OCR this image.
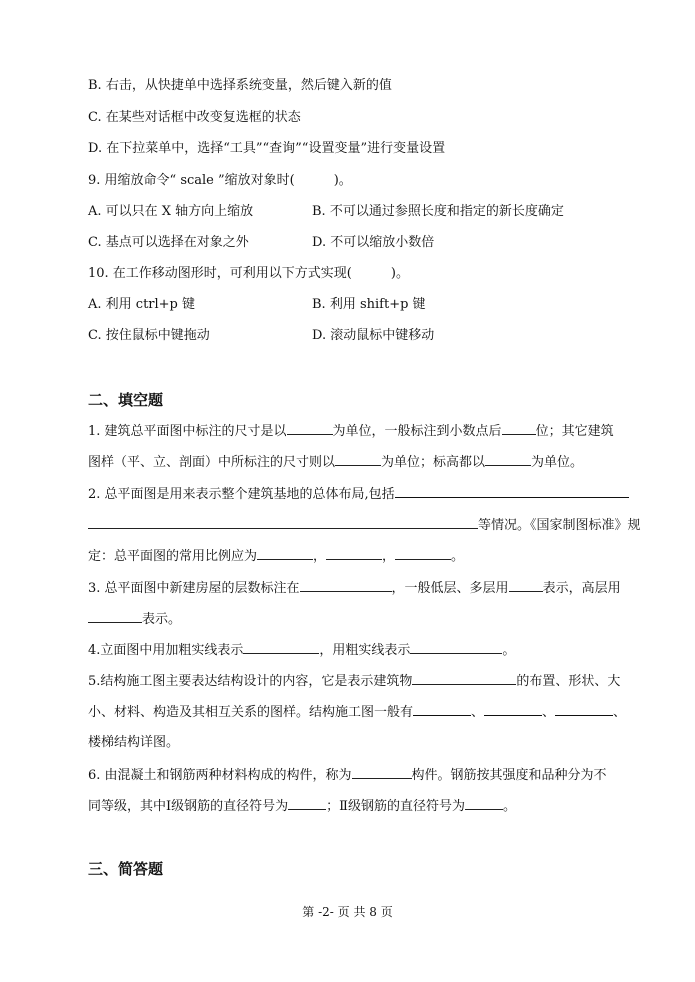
B. 右击，从快捷单中选择系统变量，然后键入新的值
C. 在某些对话框中改变复选框的状态
D. 在下拉菜单中，选择“工具”“查询”“设置变量”进行变量设置
9. 用缩放命令“ scale ”缩放对象时(　　　)。
A. 可以只在 X 轴方向上缩放	B. 不可以通过参照长度和指定的新长度确定
C. 基点可以选择在对象之外	D. 不可以缩放小数倍
10. 在工作移动图形时，可利用以下方式实现(　　　)。
A. 利用 ctrl+p 键	B. 利用 shift+p 键
C. 按住鼠标中键拖动	D. 滚动鼠标中键移动
二、填空题
1. 建筑总平面图中标注的尺寸是以	为单位，一般标注到小数点后	位；其它建筑
图样（平、立、剖面）中所标注的尺寸则以	为单位；标高都以	为单位。
2. 总平面图是用来表示整个建筑基地的总体布局,包括
等情况。《国家制图标准》规
定：总平面图的常用比例应为	，	，	。
3. 总平面图中新建房屋的层数标注在	，一般低层、多层用	表示，高层用
表示。
4.立面图中用加粗实线表示	，用粗实线表示	。
5.结构施工图主要表达结构设计的内容，它是表示建筑物	的布置、形状、大
小、材料、构造及其相互关系的图样。结构施工图一般有	、	、	、
楼梯结构详图。
6. 由混凝土和钢筋两种材料构成的构件，称为	构件。钢筋按其强度和品种分为不
同等级，其中Ⅰ级钢筋的直径符号为	；Ⅱ级钢筋的直径符号为	。
三、简答题
第 -2- 页 共 8 页
